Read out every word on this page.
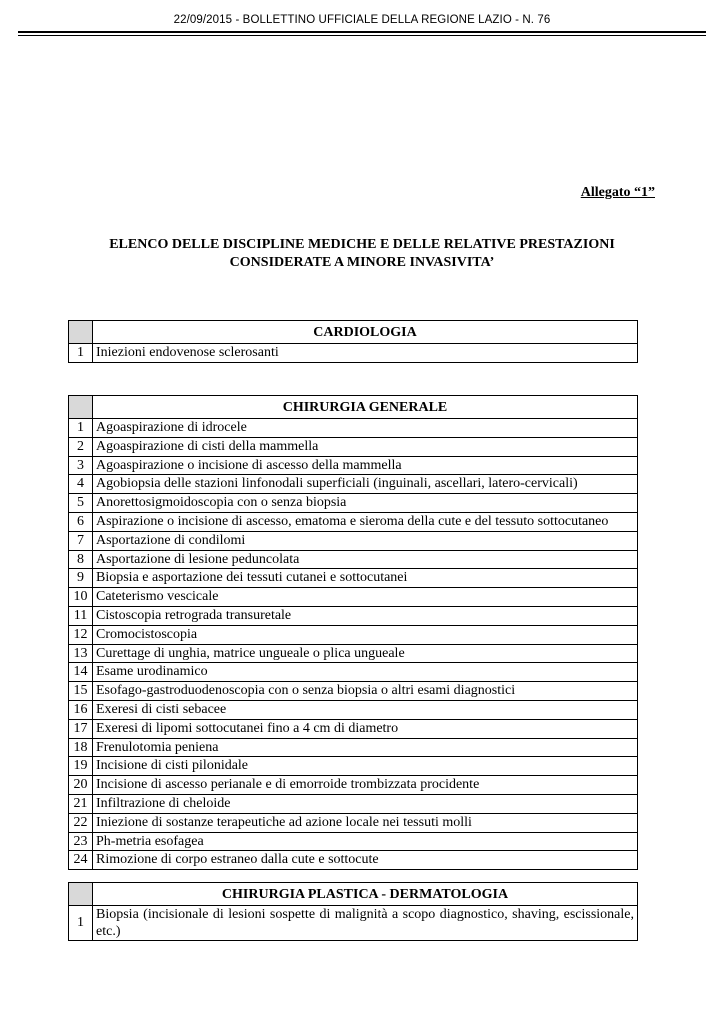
22/09/2015 - BOLLETTINO UFFICIALE DELLA REGIONE LAZIO - N. 76
Allegato “1”
ELENCO DELLE DISCIPLINE MEDICHE E DELLE RELATIVE PRESTAZIONI
CONSIDERATE A MINORE INVASIVITA’
	CARDIOLOGIA
1	Iniezioni endovenose sclerosanti
	CHIRURGIA GENERALE
1	Agoaspirazione di idrocele
2	Agoaspirazione di cisti della mammella
3	Agoaspirazione o incisione di ascesso della mammella
4	Agobiopsia delle stazioni linfonodali superficiali (inguinali, ascellari, latero-cervicali)
5	Anorettosigmoidoscopia con o senza biopsia
6	Aspirazione o incisione di ascesso, ematoma e sieroma della cute e del tessuto sottocutaneo
7	Asportazione di condilomi
8	Asportazione di lesione peduncolata
9	Biopsia e asportazione dei tessuti cutanei e sottocutanei
10	Cateterismo vescicale
11	Cistoscopia retrograda transuretale
12	Cromocistoscopia
13	Curettage di unghia, matrice ungueale o plica ungueale
14	Esame urodinamico
15	Esofago-gastroduodenoscopia con o senza biopsia o altri esami diagnostici
16	Exeresi di cisti sebacee
17	Exeresi di lipomi sottocutanei fino a 4 cm di diametro
18	Frenulotomia peniena
19	Incisione di cisti pilonidale
20	Incisione di ascesso perianale e di emorroide trombizzata procidente
21	Infiltrazione di cheloide
22	Iniezione di sostanze terapeutiche ad azione locale nei tessuti molli
23	Ph-metria esofagea
24	Rimozione di corpo estraneo dalla cute e sottocute
	CHIRURGIA PLASTICA - DERMATOLOGIA
1	Biopsia (incisionale di lesioni sospette di malignità a scopo diagnostico, shaving, escissionale, etc.)
